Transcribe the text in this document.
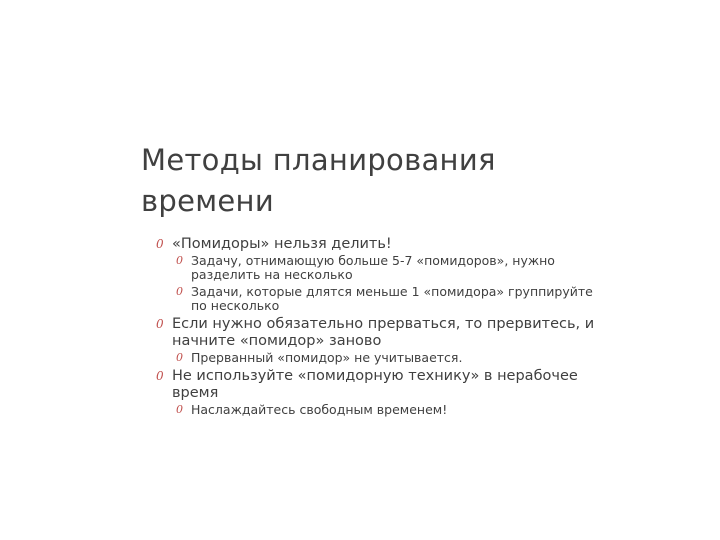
Методы планирования
времени
0 «Помидоры» нельзя делить!
0 Задачу, отнимающую больше 5-7 «помидоров», нужно разделить на несколько
0 Задачи, которые длятся меньше 1 «помидора» группируйте по несколько
0 Если нужно обязательно прерваться, то прервитесь, и начните «помидор» заново
0 Прерванный «помидор» не учитывается.
0 Не используйте «помидорную технику» в нерабочее время
0 Наслаждайтесь свободным временем!
